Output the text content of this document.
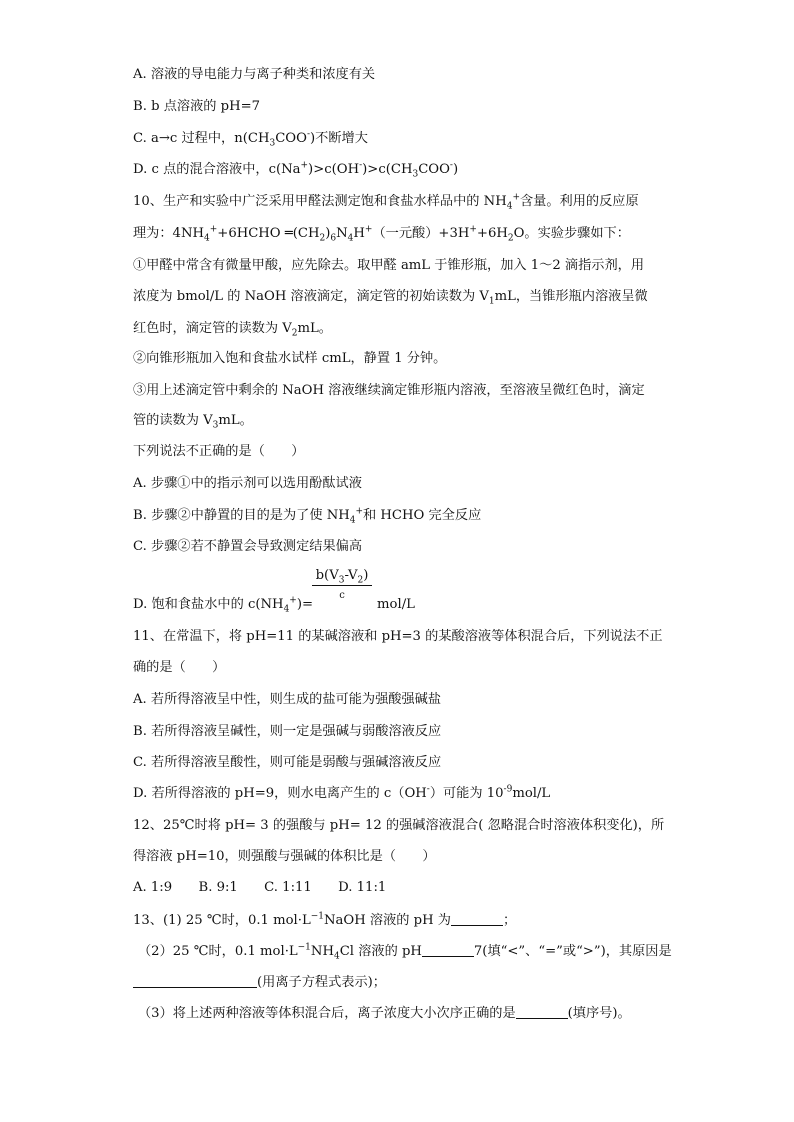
A. 溶液的导电能力与离子种类和浓度有关
B. b 点溶液的 pH=7
C. a→c 过程中，$n(CH_3COO^-)$不断增大
D. c 点的混合溶液中，$c(Na^+)>c(OH^-)>c(CH_3COO^-)$
10、生产和实验中广泛采用甲醛法测定饱和食盐水样品中的 $NH_4^+$含量。利用的反应原
理为：$4NH_4^++6HCHO$ $═(CH_2)_6N_4H^+$（一元酸）$+3H^++6H_2O$。实验步骤如下：
①甲醛中常含有微量甲酸，应先除去。取甲醛 amL 于锥形瓶，加入 1～2 滴指示剂，用
浓度为 bmol/L 的 NaOH 溶液滴定，滴定管的初始读数为 $V_1mL$，当锥形瓶内溶液呈微
红色时，滴定管的读数为 $V_2mL$。
②向锥形瓶加入饱和食盐水试样 cmL，静置 1 分钟。
③用上述滴定管中剩余的 NaOH 溶液继续滴定锥形瓶内溶液，至溶液呈微红色时，滴定
管的读数为 $V_3mL$。
下列说法不正确的是（　　）
A. 步骤①中的指示剂可以选用酚酞试液
B. 步骤②中静置的目的是为了使 $NH_4^+$和 HCHO 完全反应
C. 步骤②若不静置会导致测定结果偏高
$b(V_3-V_2)$
c
D. 饱和食盐水中的 $c(NH_4^+)=$	mol/L
11、在常温下，将 pH=11 的某碱溶液和 pH=3 的某酸溶液等体积混合后，下列说法不正
确的是（　　）
A. 若所得溶液呈中性，则生成的盐可能为强酸强碱盐
B. 若所得溶液呈碱性，则一定是强碱与弱酸溶液反应
C. 若所得溶液呈酸性，则可能是弱酸与强碱溶液反应
D. 若所得溶液的 pH=9，则水电离产生的 c（OH-）可能为 $10^{-9}mol/L$
12、25℃时将 pH= 3 的强酸与 pH= 12 的强碱溶液混合( 忽略混合时溶液体积变化)，所
得溶液 pH=10，则强酸与强碱的体积比是（　　）
A. 1:9　　B. 9:1　　C. 1:11　　D. 11:1
13、(1) 25 ℃时，0.1 $mol\cdot L^{-1}NaOH$ 溶液的 pH 为	；
（2）25 ℃时，0.1 $mol\cdot L^{-1}NH_4Cl$ 溶液的 pH	7(填“<”、“=”或“>”)，其原因是
(用离子方程式表示)；
（3）将上述两种溶液等体积混合后，离子浓度大小次序正确的是	(填序号)。
